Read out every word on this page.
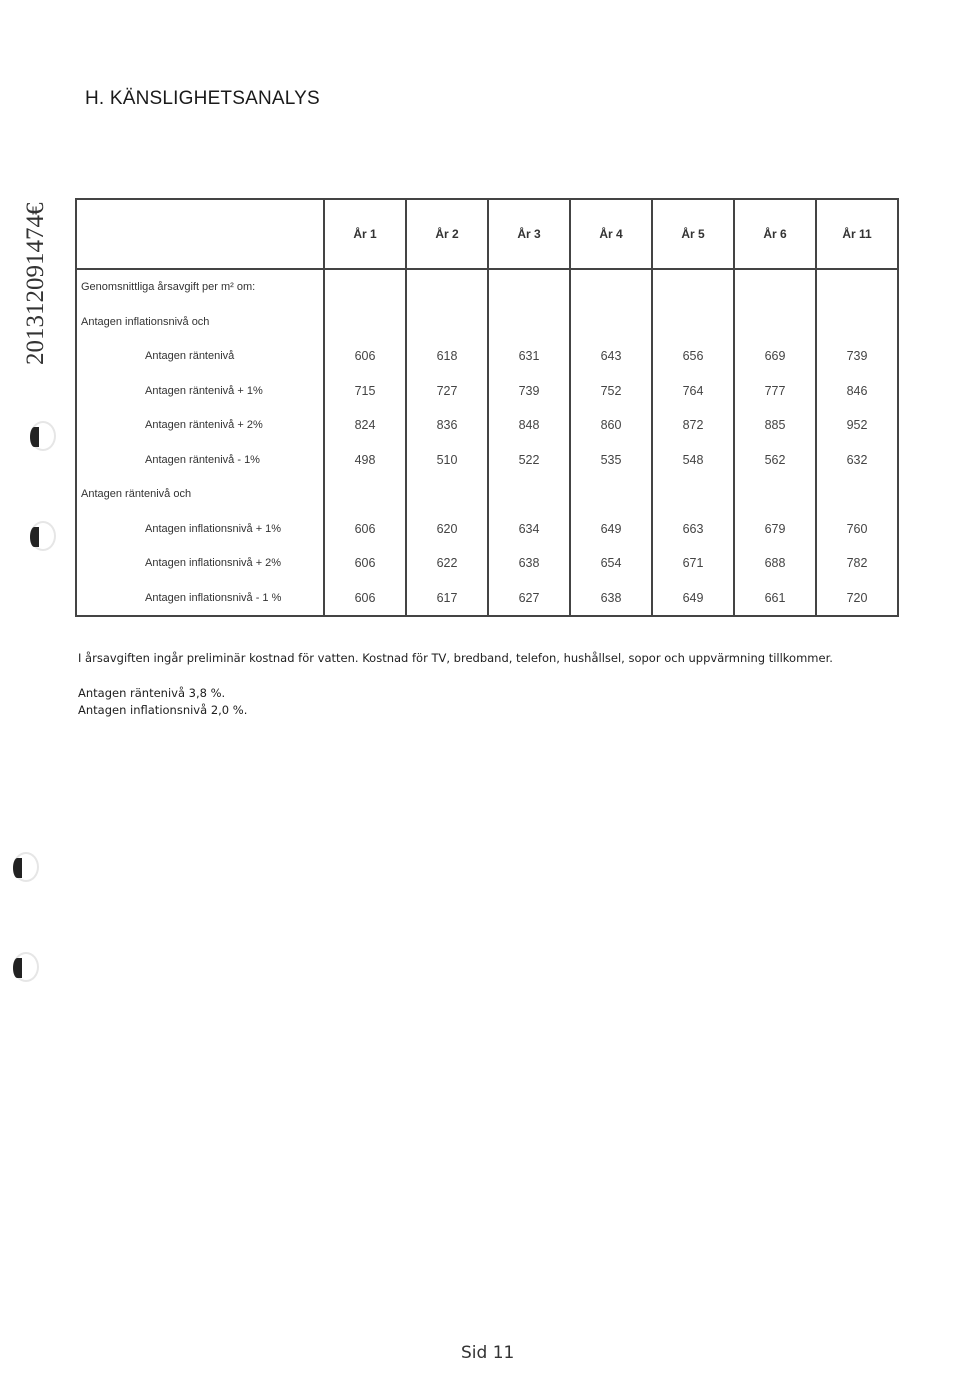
H. KÄNSLIGHETSANALYS
201312091474€
		År 1	År 2	År 3	År 4	År 5	År 6	År 11
Genomsnittliga årsavgift per m² om:							
Antagen inflationsnivå och							
Antagen räntenivå	606	618	631	643	656	669	739
Antagen räntenivå + 1%	715	727	739	752	764	777	846
Antagen räntenivå + 2%	824	836	848	860	872	885	952
Antagen räntenivå - 1%	498	510	522	535	548	562	632
Antagen räntenivå och							
Antagen inflationsnivå + 1%	606	620	634	649	663	679	760
Antagen inflationsnivå + 2%	606	622	638	654	671	688	782
Antagen inflationsnivå - 1 %	606	617	627	638	649	661	720
I årsavgiften ingår preliminär kostnad för vatten. Kostnad för TV, bredband, telefon, hushållsel, sopor och uppvärmning tillkommer.
Antagen räntenivå 3,8 %.
Antagen inflationsnivå 2,0 %.
Sid 11
